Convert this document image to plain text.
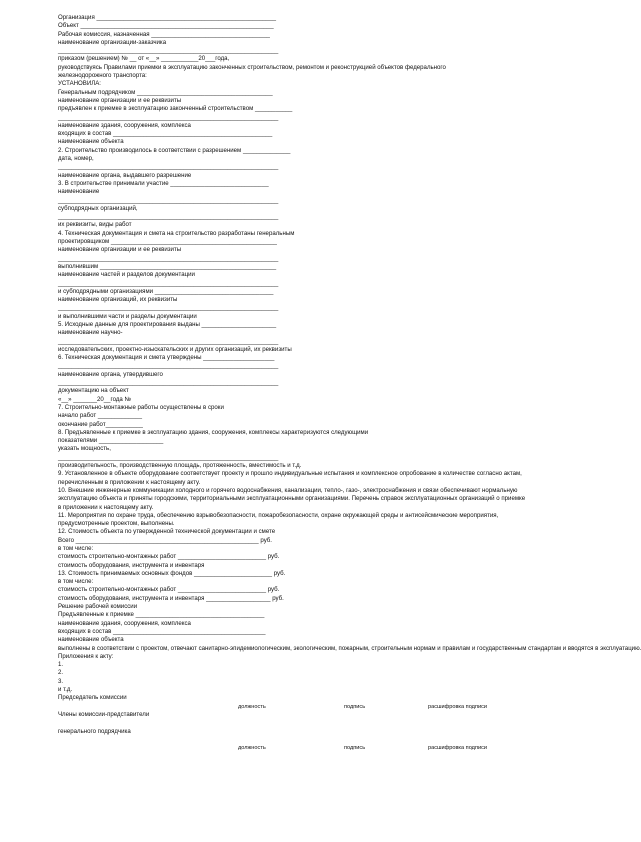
Организация _____________________________________________________
Объект _________________________________________________________
Рабочая комиссия, назначенная ___________________________________
наименование организации-заказчика
_________________________________________________________________
приказом (решением) № __ от «__» ___________20___года,
руководствуясь Правилами приемки в эксплуатацию законченных строительством, ремонтом и реконструкцией объектов федерального
железнодорожного транспорта:
УСТАНОВИЛА:
Генеральным подрядчиком ________________________________________
наименование организации и ее реквизиты
предъявлен к приемке в эксплуатацию законченный строительством ___________
_________________________________________________________________
наименование здания, сооружения, комплекса
входящих в состав _______________________________________________
наименование объекта
2. Строительство производилось в соответствии с разрешением ______________
дата, номер,
_________________________________________________________________
наименование органа, выдавшего разрешение
3. В строительстве принимали участие _____________________________
наименование
_________________________________________________________________
субподрядных организаций,
_________________________________________________________________
их реквизиты, виды работ
4. Техническая документация и смета на строительство разработаны генеральным
проектировщиком _________________________________________________
наименование организации и ее реквизиты
_________________________________________________________________
выполнившим ____________________________________________________
наименование частей и разделов документации
_________________________________________________________________
и субподрядными организациями ___________________________________
наименование организаций, их реквизиты
_________________________________________________________________
и выполнившими части и разделы документации
5. Исходные данные для проектирования выданы ______________________
наименование научно-
_________________________________________________________________
исследовательских, проектно-изыскательских и других организаций, их реквизиты
6. Техническая документация и смета утверждены _____________________
_________________________________________________________________
наименование органа, утвердившего
_________________________________________________________________
документацию на объект
«__» _______20__года №
7. Строительно-монтажные работы осуществлены в сроки
начало работ _____________
окончание работ___________
8. Предъявленные к приемке в эксплуатацию здания, сооружения, комплексы характеризуются следующими
показателями ___________________
указать мощность,
_________________________________________________________________
производительность, производственную площадь, протяженность, вместимость и т.д.
9. Установленное в объекте оборудование соответствует проекту и прошло индивидуальные испытания и комплексное опробование в количестве согласно актам, перечисленным в приложении к настоящему акту.
10. Внешние инженерные коммуникации холодного и горячего водоснабжения, канализации, тепло-, газо-, электроснабжения и связи обеспечивают нормальную эксплуатацию объекта и приняты городскими, территориальными эксплуатационными организациями. Перечень справок эксплуатационных организаций о приемке в приложении к настоящему акту.
11. Мероприятия по охране труда, обеспечению взрывобезопасности, пожаробезопасности, охране окружающей среды и антисейсмические мероприятия, предусмотренные проектом, выполнены.
12. Стоимость объекта по утвержденной технической документации и смете
Всего ______________________________________________________ руб.
в том числе:
стоимость строительно-монтажных работ __________________________ руб.
стоимость оборудования, инструмента и инвентаря
13. Стоимость принимаемых основных фондов _______________________ руб.
в том числе:
стоимость строительно-монтажных работ __________________________ руб.
стоимость оборудования, инструмента и инвентаря ___________________ руб.
Решение рабочей комиссии
Предъявленные к приемке ______________________________________
наименование здания, сооружения, комплекса
входящих в состав _____________________________________________
наименование объекта
выполнены в соответствии с проектом, отвечают санитарно-эпидемиологическим, экологическим, пожарным, строительным нормам и правилам и государственным стандартам и вводятся в эксплуатацию.
Приложения к акту:
1.
2.
3.
и т.д.
Председатель комиссии
должность	подпись	расшифровка подписи
Члены комиссии-представители
генерального подрядчика
должность	подпись	расшифровка подписи
